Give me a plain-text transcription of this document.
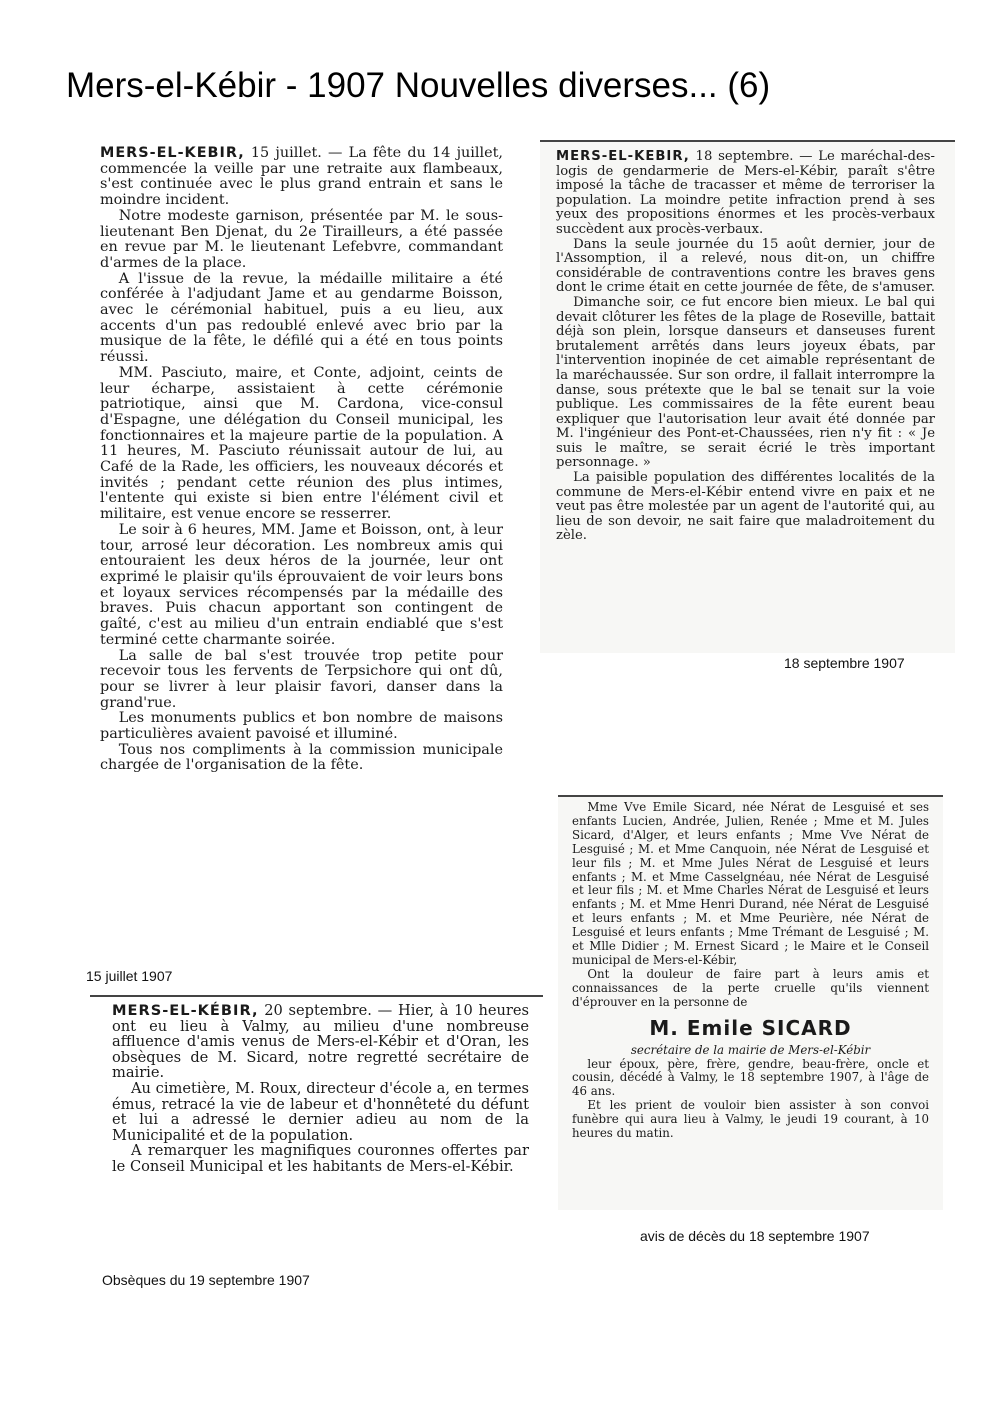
Mers-el-Kébir - 1907 Nouvelles diverses... (6)

MERS-EL-KEBIR, 15 juillet. — La fête du 14 juillet, commencée la veille par une retraite aux flambeaux, s'est continuée avec le plus grand entrain et sans le moindre incident.

Notre modeste garnison, présentée par M. le sous-lieutenant Ben Djenat, du 2e Tirailleurs, a été passée en revue par M. le lieutenant Lefebvre, commandant d'armes de la place.

A l'issue de la revue, la médaille militaire a été conférée à l'adjudant Jame et au gendarme Boisson, avec le cérémonial habituel, puis a eu lieu, aux accents d'un pas redoublé enlevé avec brio par la musique de la fête, le défilé qui a été en tous points réussi.

MM. Pasciuto, maire, et Conte, adjoint, ceints de leur écharpe, assistaient à cette cérémonie patriotique, ainsi que M. Cardona, vice-consul d'Espagne, une délégation du Conseil municipal, les fonctionnaires et la majeure partie de la population. A 11 heures, M. Pasciuto réunissait autour de lui, au Café de la Rade, les officiers, les nouveaux décorés et invités ; pendant cette réunion des plus intimes, l'entente qui existe si bien entre l'élément civil et militaire, est venue encore se resserrer.

Le soir à 6 heures, MM. Jame et Boisson, ont, à leur tour, arrosé leur décoration. Les nombreux amis qui entouraient les deux héros de la journée, leur ont exprimé le plaisir qu'ils éprouvaient de voir leurs bons et loyaux services récompensés par la médaille des braves. Puis chacun apportant son contingent de gaîté, c'est au milieu d'un entrain endiablé que s'est terminé cette charmante soirée.

La salle de bal s'est trouvée trop petite pour recevoir tous les fervents de Terpsichore qui ont dû, pour se livrer à leur plaisir favori, danser dans la grand'rue.

Les monuments publics et bon nombre de maisons particulières avaient pavoisé et illuminé.

Tous nos compliments à la commission municipale chargée de l'organisation de la fête.

15 juillet 1907

MERS-EL-KEBIR, 18 septembre. — Le maréchal-des-logis de gendarmerie de Mers-el-Kébir, paraît s'être imposé la tâche de tracasser et même de terroriser la population. La moindre petite infraction prend à ses yeux des propositions énormes et les procès-verbaux succèdent aux procès-verbaux.

Dans la seule journée du 15 août dernier, jour de l'Assomption, il a relevé, nous dit-on, un chiffre considérable de contraventions contre les braves gens dont le crime était en cette journée de fête, de s'amuser.

Dimanche soir, ce fut encore bien mieux. Le bal qui devait clôturer les fêtes de la plage de Roseville, battait déjà son plein, lorsque danseurs et danseuses furent brutalement arrêtés dans leurs joyeux ébats, par l'intervention inopinée de cet aimable représentant de la maréchaussée. Sur son ordre, il fallait interrompre la danse, sous prétexte que le bal se tenait sur la voie publique. Les commissaires de la fête eurent beau expliquer que l'autorisation leur avait été donnée par M. l'ingénieur des Pont-et-Chaussées, rien n'y fit : « Je suis le maître, se serait écrié le très important personnage. »

La paisible population des différentes localités de la commune de Mers-el-Kébir entend vivre en paix et ne veut pas être molestée par un agent de l'autorité qui, au lieu de son devoir, ne sait faire que maladroitement du zèle.

18 septembre 1907

MERS-EL-KÉBIR, 20 septembre. — Hier, à 10 heures ont eu lieu à Valmy, au milieu d'une nombreuse affluence d'amis venus de Mers-el-Kébir et d'Oran, les obsèques de M. Sicard, notre regretté secrétaire de mairie.

Au cimetière, M. Roux, directeur d'école a, en termes émus, retracé la vie de labeur et d'honnêteté du défunt et lui a adressé le dernier adieu au nom de la Municipalité et de la population.

A remarquer les magnifiques couronnes offertes par le Conseil Municipal et les habitants de Mers-el-Kébir.

Obsèques du 19 septembre 1907

Mme Vve Emile Sicard, née Nérat de Lesguisé et ses enfants Lucien, Andrée, Julien, Renée ; Mme et M. Jules Sicard, d'Alger, et leurs enfants ; Mme Vve Nérat de Lesguisé ; M. et Mme Canquoin, née Nérat de Lesguisé et leur fils ; M. et Mme Jules Nérat de Lesguisé et leurs enfants ; M. et Mme Casselgnéau, née Nérat de Lesguisé et leur fils ; M. et Mme Charles Nérat de Lesguisé et leurs enfants ; M. et Mme Henri Durand, née Nérat de Lesguisé et leurs enfants ; M. et Mme Peurière, née Nérat de Lesguisé et leurs enfants ; Mme Trémant de Lesguisé ; M. et Mlle Didier ; M. Ernest Sicard ; le Maire et le Conseil municipal de Mers-el-Kébir,

Ont la douleur de faire part à leurs amis et connaissances de la perte cruelle qu'ils viennent d'éprouver en la personne de

M. Emile SICARD

secrétaire de la mairie de Mers-el-Kébir

leur époux, père, frère, gendre, beau-frère, oncle et cousin, décédé à Valmy, le 18 septembre 1907, à l'âge de 46 ans.

Et les prient de vouloir bien assister à son convoi funèbre qui aura lieu à Valmy, le jeudi 19 courant, à 10 heures du matin.

avis de décès du 18 septembre 1907
